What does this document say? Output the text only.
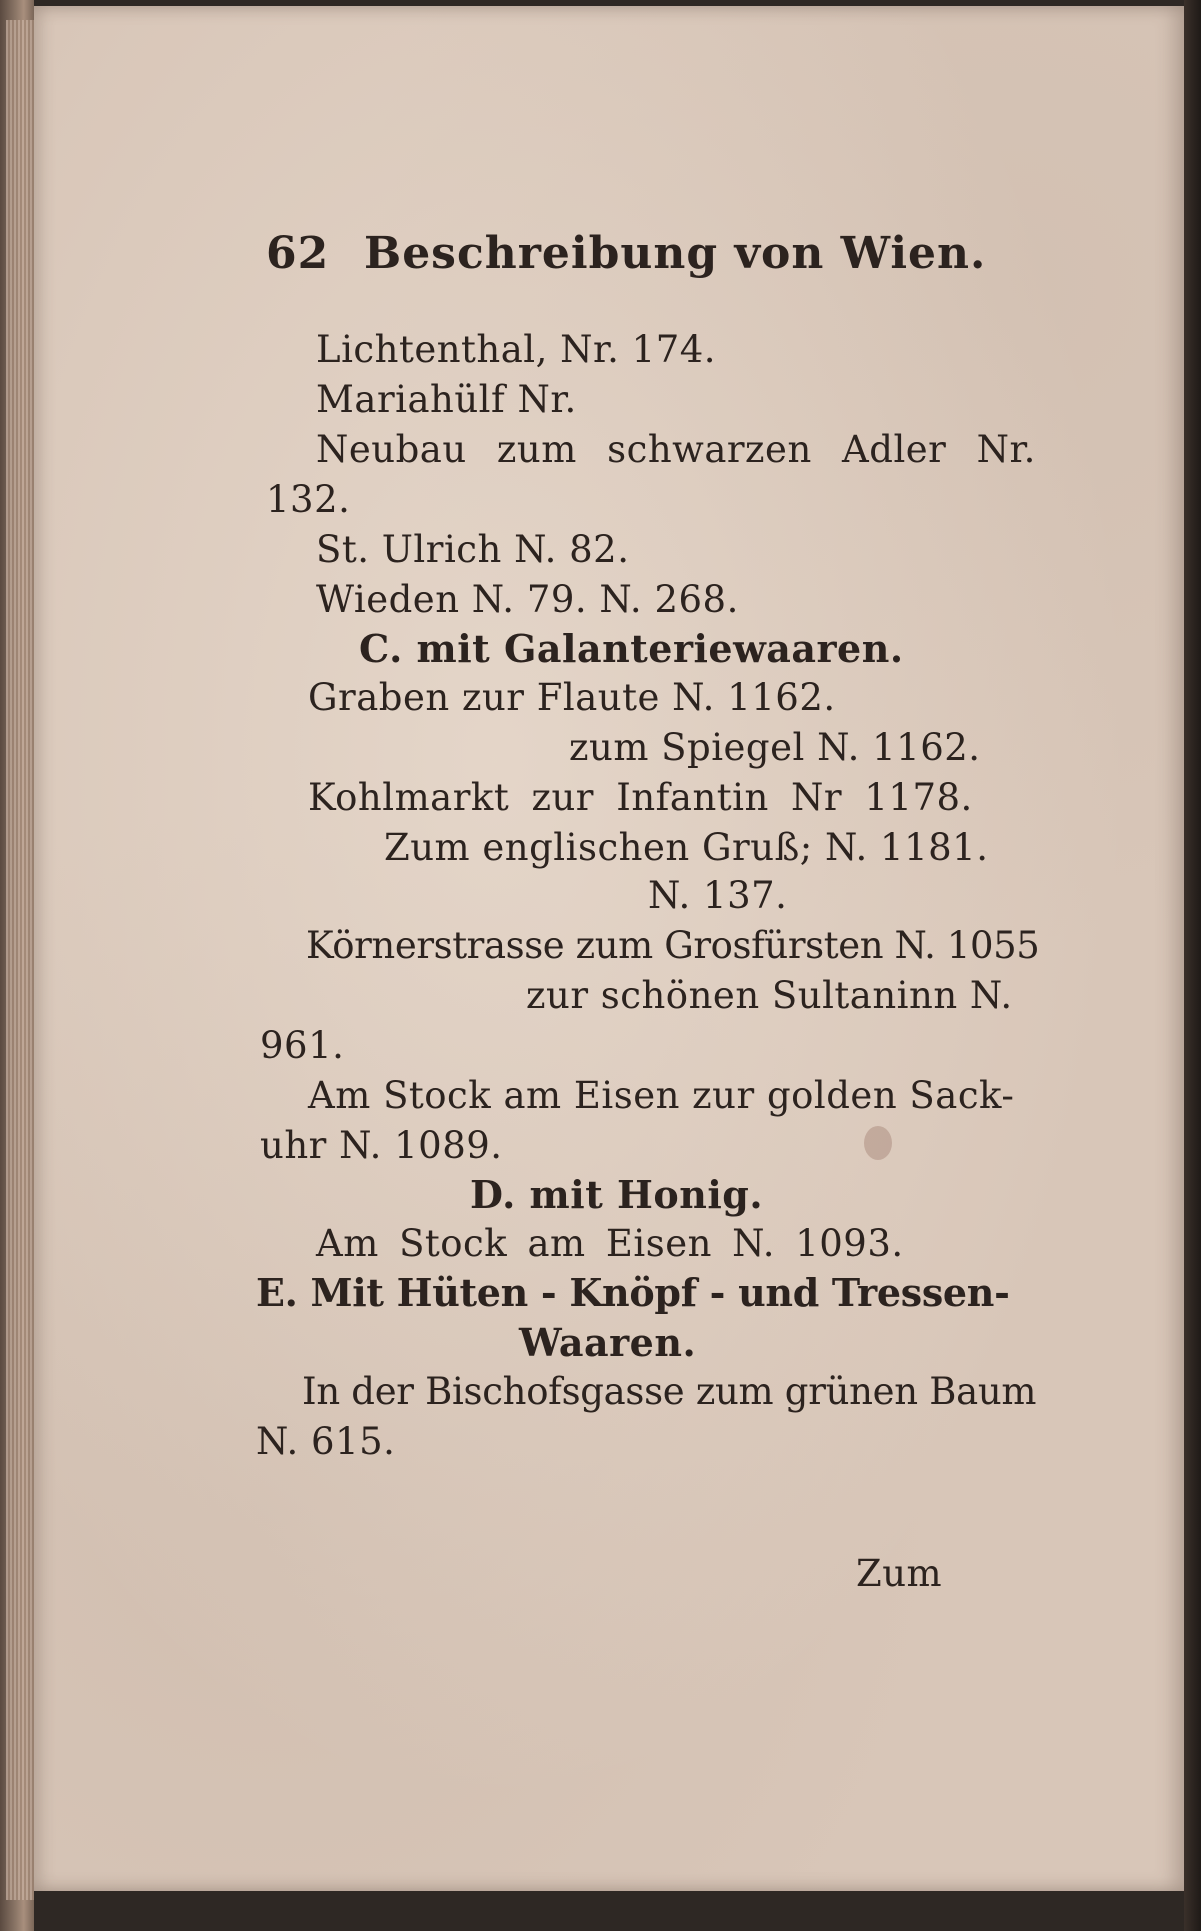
62 Beschreibung von Wien.
Lichtenthal, Nr. 174.
Mariahülf Nr.
Neubau zum schwarzen Adler Nr.
132.
St. Ulrich N. 82.
Wieden N. 79. N. 268.
C. mit Galanteriewaaren.
Graben zur Flaute N. 1162.
zum Spiegel N. 1162.
Kohlmarkt zur Infantin Nr 1178.
Zum englischen Gruß; N. 1181.
N. 137.
Körnerstrasse zum Grosfürsten N. 1055
zur schönen Sultaninn N.
961.
Am Stock am Eisen zur golden Sack-
uhr N. 1089.
D. mit Honig.
Am Stock am Eisen N. 1093.
E. Mit Hüten - Knöpf - und Tressen-
Waaren.
In der Bischofsgasse zum grünen Baum
N. 615.
Zum
